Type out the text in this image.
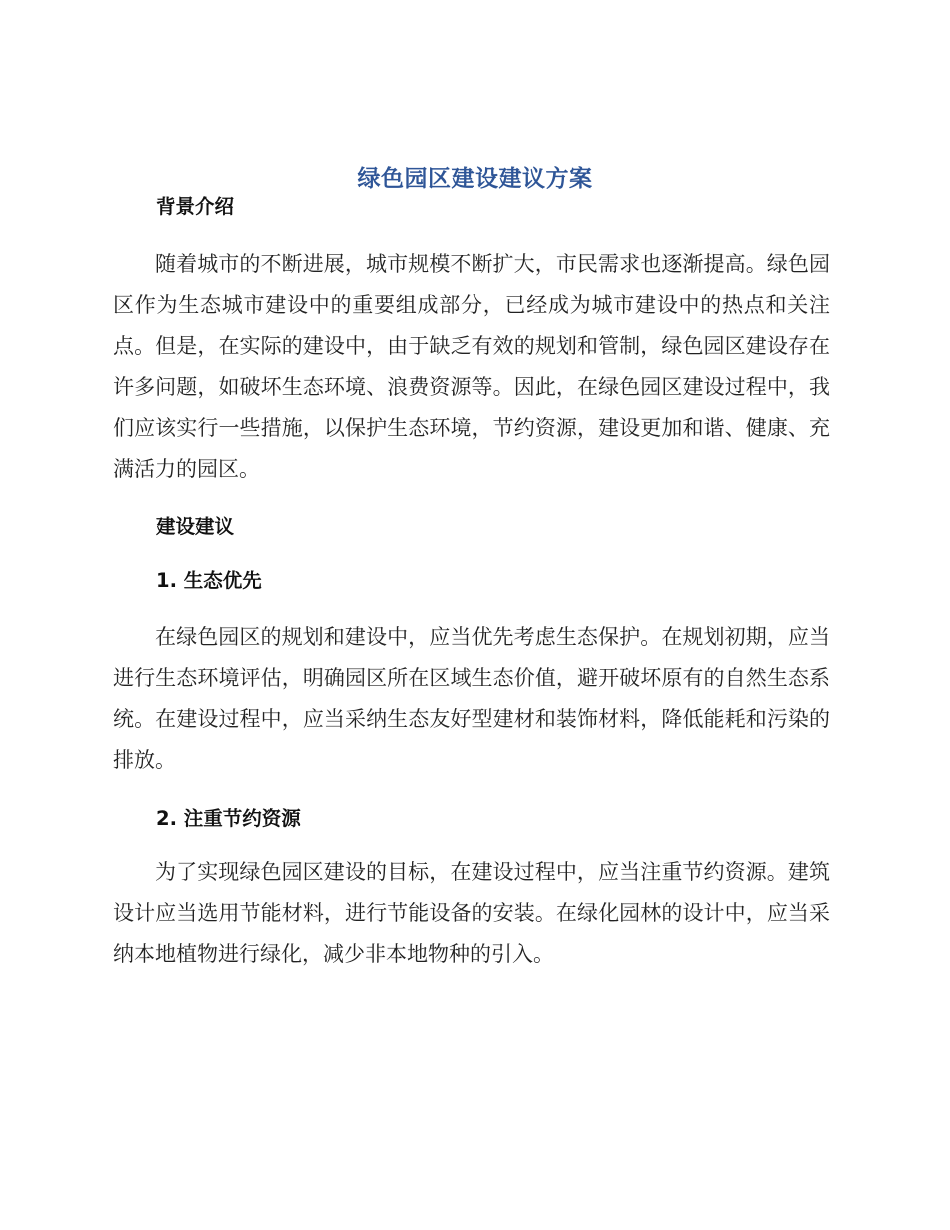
绿色园区建设建议方案
背景介绍

随着城市的不断进展，城市规模不断扩大，市民需求也逐渐提高。绿色园区作为生态城市建设中的重要组成部分，已经成为城市建设中的热点和关注点。但是，在实际的建设中，由于缺乏有效的规划和管制，绿色园区建设存在许多问题，如破坏生态环境、浪费资源等。因此，在绿色园区建设过程中，我们应该实行一些措施，以保护生态环境，节约资源，建设更加和谐、健康、充满活力的园区。

建设建议
1. 生态优先

在绿色园区的规划和建设中，应当优先考虑生态保护。在规划初期，应当进行生态环境评估，明确园区所在区域生态价值，避开破坏原有的自然生态系统。在建设过程中，应当采纳生态友好型建材和装饰材料，降低能耗和污染的排放。

2. 注重节约资源

为了实现绿色园区建设的目标，在建设过程中，应当注重节约资源。建筑设计应当选用节能材料，进行节能设备的安装。在绿化园林的设计中，应当采纳本地植物进行绿化，减少非本地物种的引入。
